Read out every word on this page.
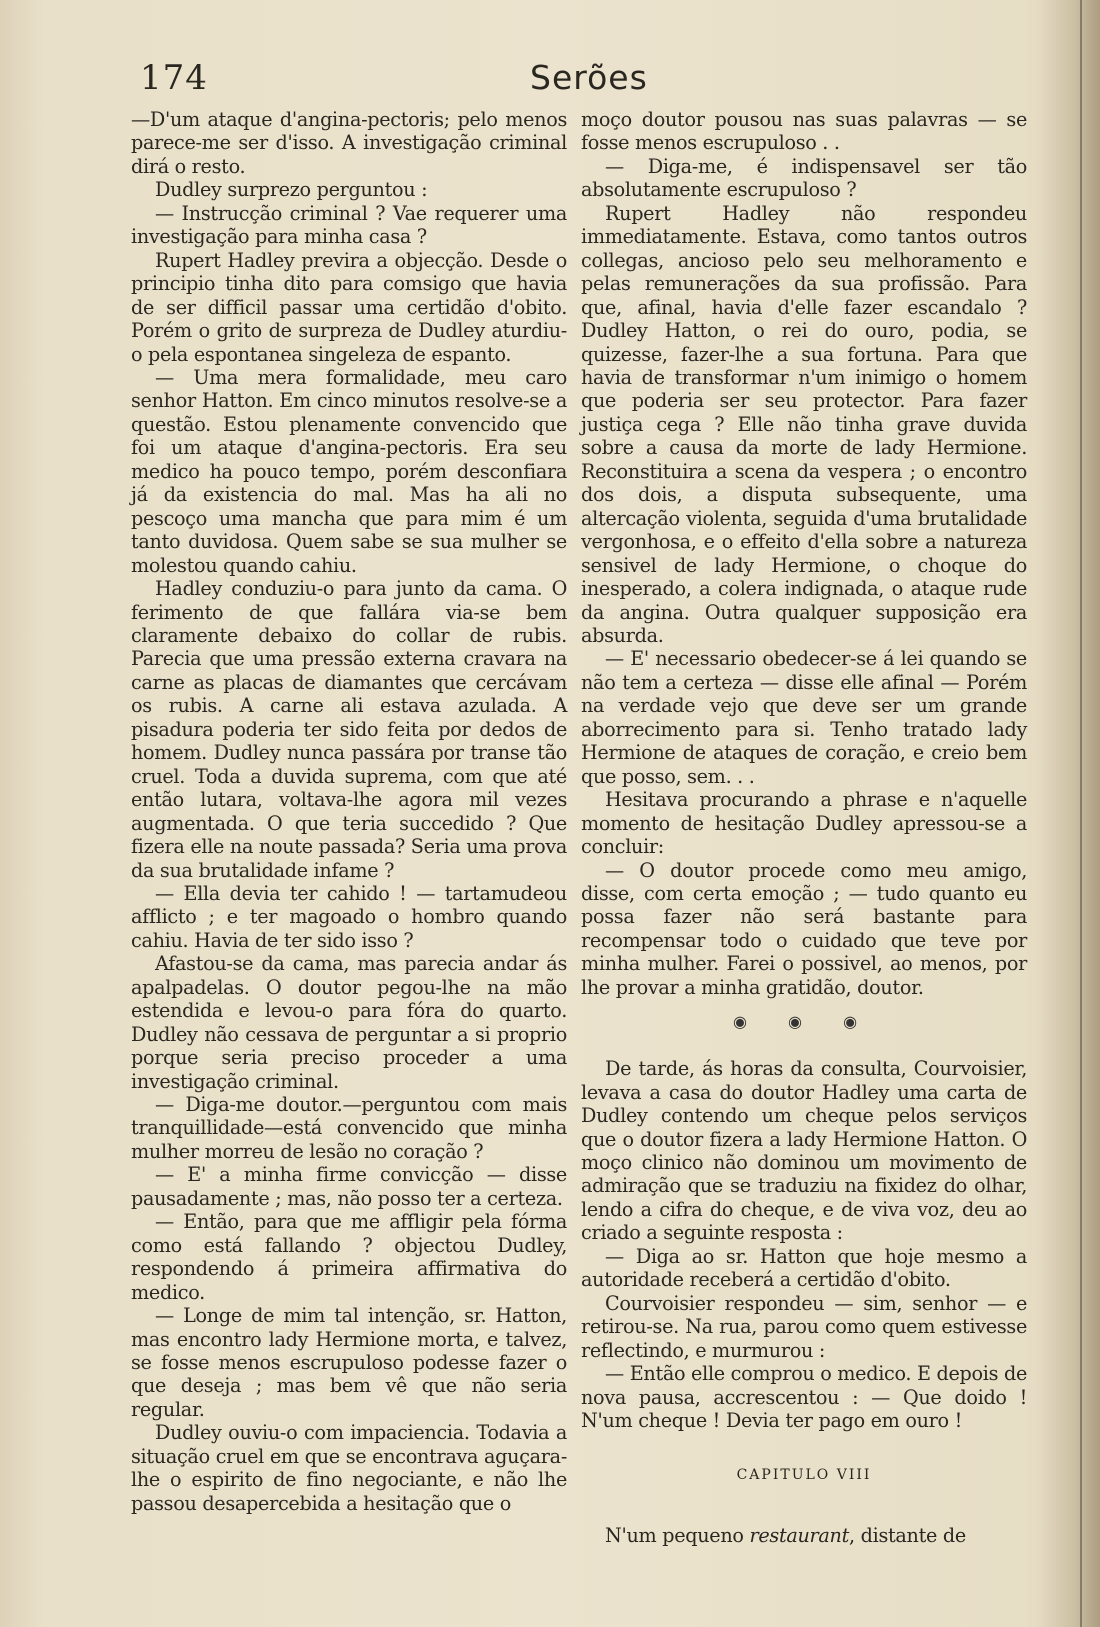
174	Serões

—D'um ataque d'angina-pectoris; pelo menos parece-me ser d'isso. A investigação criminal dirá o resto.

Dudley surprezo perguntou :

— Instrucção criminal ? Vae requerer uma investigação para minha casa ?

Rupert Hadley previra a objecção. Desde o principio tinha dito para comsigo que havia de ser difficil passar uma certidão d'obito. Porém o grito de surpreza de Dudley aturdiu-o pela espontanea singeleza de espanto.

— Uma mera formalidade, meu caro senhor Hatton. Em cinco minutos resolve-se a questão. Estou plenamente convencido que foi um ataque d'angina-pectoris. Era seu medico ha pouco tempo, porém desconfiara já da existencia do mal. Mas ha ali no pescoço uma mancha que para mim é um tanto duvidosa. Quem sabe se sua mulher se molestou quando cahiu.

Hadley conduziu-o para junto da cama. O ferimento de que fallára via-se bem claramente debaixo do collar de rubis. Parecia que uma pressão externa cravara na carne as placas de diamantes que cercávam os rubis. A carne ali estava azulada. A pisadura poderia ter sido feita por dedos de homem. Dudley nunca passára por transe tão cruel. Toda a duvida suprema, com que até então lutara, voltava-lhe agora mil vezes augmentada. O que teria succedido ? Que fizera elle na noute passada? Seria uma prova da sua brutalidade infame ?

— Ella devia ter cahido ! — tartamudeou afflicto ; e ter magoado o hombro quando cahiu. Havia de ter sido isso ?

Afastou-se da cama, mas parecia andar ás apalpadelas. O doutor pegou-lhe na mão estendida e levou-o para fóra do quarto. Dudley não cessava de perguntar a si proprio porque seria preciso proceder a uma investigação criminal.

— Diga-me doutor.—perguntou com mais tranquillidade—está convencido que minha mulher morreu de lesão no coração ?

— E' a minha firme convicção — disse pausadamente ; mas, não posso ter a certeza.

— Então, para que me affligir pela fórma como está fallando ? objectou Dudley, respondendo á primeira affirmativa do medico.

— Longe de mim tal intenção, sr. Hatton, mas encontro lady Hermione morta, e talvez, se fosse menos escrupuloso podesse fazer o que deseja ; mas bem vê que não seria regular.

Dudley ouviu-o com impaciencia. Todavia a situação cruel em que se encontrava aguçara-lhe o espirito de fino negociante, e não lhe passou desapercebida a hesitação que o

moço doutor pousou nas suas palavras — se fosse menos escrupuloso . .

— Diga-me, é indispensavel ser tão absolutamente escrupuloso ?

Rupert Hadley não respondeu immediatamente. Estava, como tantos outros collegas, ancioso pelo seu melhoramento e pelas remunerações da sua profissão. Para que, afinal, havia d'elle fazer escandalo ? Dudley Hatton, o rei do ouro, podia, se quizesse, fazer-lhe a sua fortuna. Para que havia de transformar n'um inimigo o homem que poderia ser seu protector. Para fazer justiça cega ? Elle não tinha grave duvida sobre a causa da morte de lady Hermione. Reconstituira a scena da vespera ; o encontro dos dois, a disputa subsequente, uma altercação violenta, seguida d'uma brutalidade vergonhosa, e o effeito d'ella sobre a natureza sensivel de lady Hermione, o choque do inesperado, a colera indignada, o ataque rude da angina. Outra qualquer supposição era absurda.

— E' necessario obedecer-se á lei quando se não tem a certeza — disse elle afinal — Porém na verdade vejo que deve ser um grande aborrecimento para si. Tenho tratado lady Hermione de ataques de coração, e creio bem que posso, sem. . .

Hesitava procurando a phrase e n'aquelle momento de hesitação Dudley apressou-se a concluir:

— O doutor procede como meu amigo, disse, com certa emoção ; — tudo quanto eu possa fazer não será bastante para recompensar todo o cuidado que teve por minha mulher. Farei o possivel, ao menos, por lhe provar a minha gratidão, doutor.

◉ ◉ ◉

De tarde, ás horas da consulta, Courvoisier, levava a casa do doutor Hadley uma carta de Dudley contendo um cheque pelos serviços que o doutor fizera a lady Hermione Hatton. O moço clinico não dominou um movimento de admiração que se traduziu na fixidez do olhar, lendo a cifra do cheque, e de viva voz, deu ao criado a seguinte resposta :

— Diga ao sr. Hatton que hoje mesmo a autoridade receberá a certidão d'obito.

Courvoisier respondeu — sim, senhor — e retirou-se. Na rua, parou como quem estivesse reflectindo, e murmurou :

— Então elle comprou o medico. E depois de nova pausa, accrescentou : — Que doido ! N'um cheque ! Devia ter pago em ouro !

CAPITULO VIII

N'um pequeno restaurant, distante de
